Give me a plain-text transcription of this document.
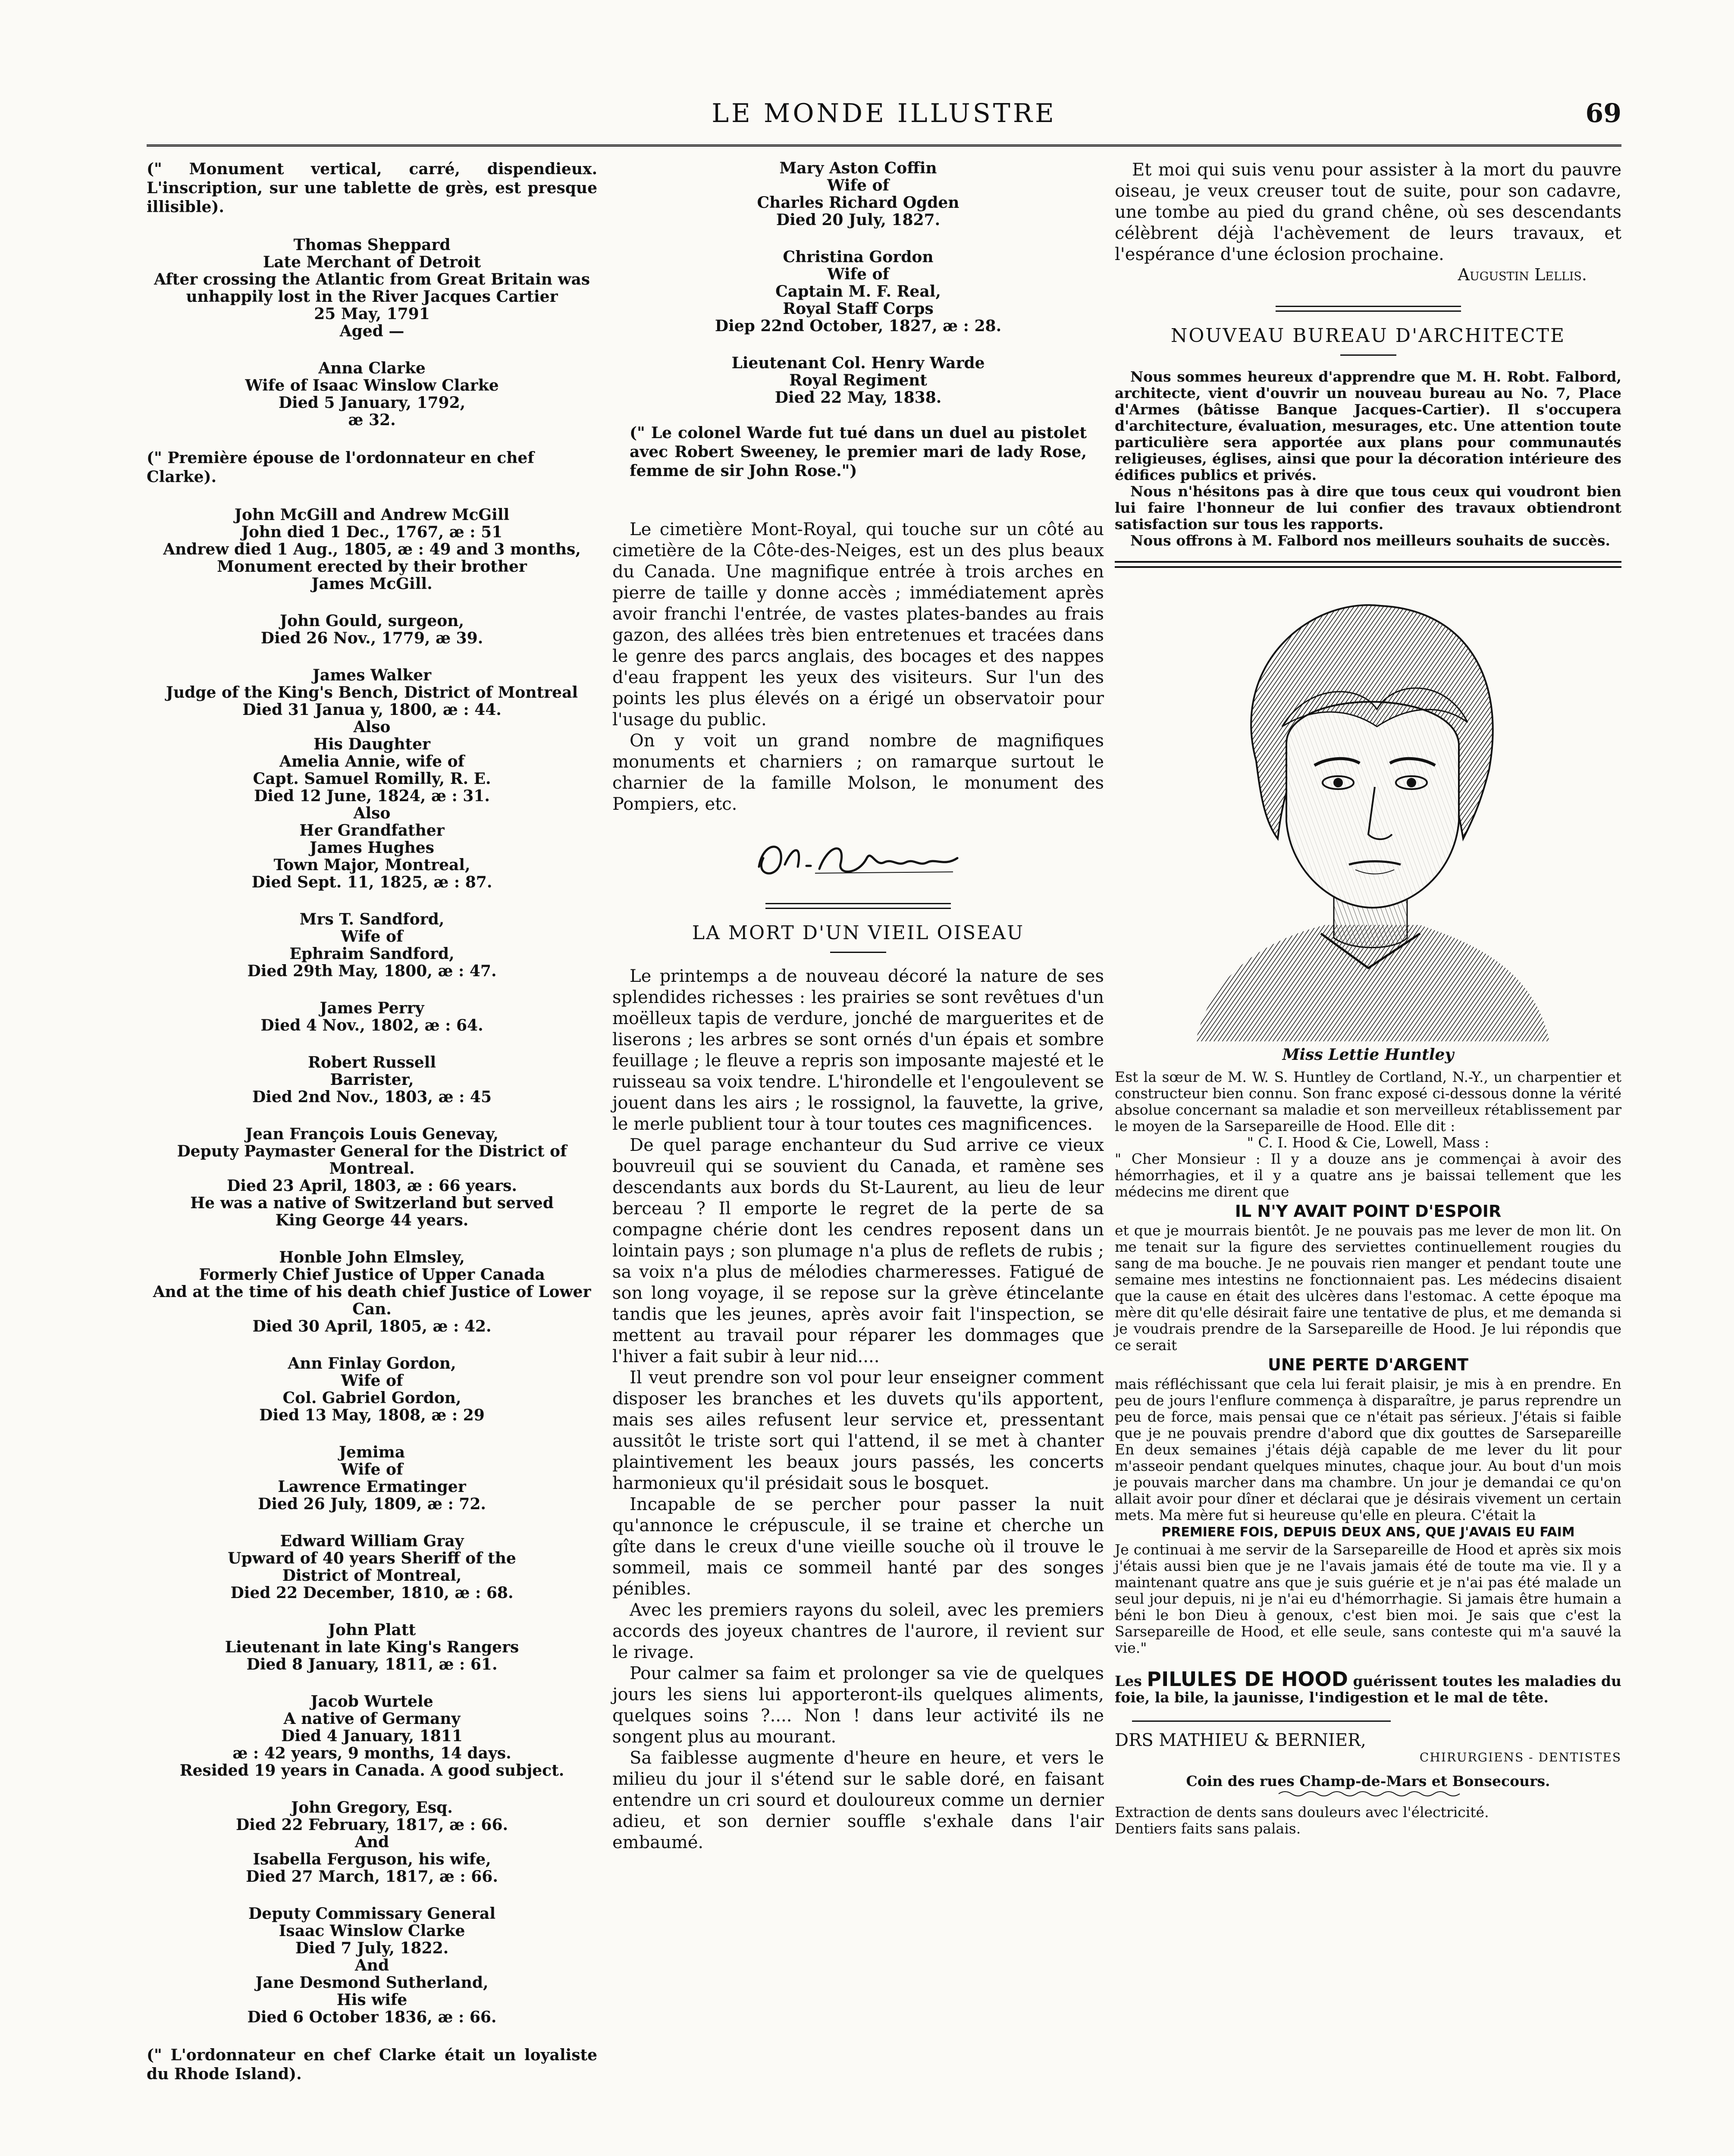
LE MONDE ILLUSTRE	69

(" Monument vertical, carré, dispendieux. L'inscription, sur une tablette de grès, est presque illisible).

Thomas Sheppard
Late Merchant of Detroit
After crossing the Atlantic from Great Britain was
unhappily lost in the River Jacques Cartier
25 May, 1791
Aged —
Anna Clarke
Wife of Isaac Winslow Clarke
Died 5 January, 1792,
æ 32.

(" Première épouse de l'ordonnateur en chef Clarke).

John McGill and Andrew McGill
John died 1 Dec., 1767, æ : 51
Andrew died 1 Aug., 1805, æ : 49 and 3 months,
Monument erected by their brother
James McGill.
John Gould, surgeon,
Died 26 Nov., 1779, æ 39.
James Walker
Judge of the King's Bench, District of Montreal
Died 31 Janua y, 1800, æ : 44.
Also
His Daughter
Amelia Annie, wife of
Capt. Samuel Romilly, R. E.
Died 12 June, 1824, æ : 31.
Also
Her Grandfather
James Hughes
Town Major, Montreal,
Died Sept. 11, 1825, æ : 87.
Mrs T. Sandford,
Wife of
Ephraim Sandford,
Died 29th May, 1800, æ : 47.
James Perry
Died 4 Nov., 1802, æ : 64.
Robert Russell
Barrister,
Died 2nd Nov., 1803, æ : 45
Jean François Louis Genevay,
Deputy Paymaster General for the District of Montreal.
Died 23 April, 1803, æ : 66 years.
He was a native of Switzerland but served
King George 44 years.
Honble John Elmsley,
Formerly Chief Justice of Upper Canada
And at the time of his death chief Justice of Lower Can.
Died 30 April, 1805, æ : 42.
Ann Finlay Gordon,
Wife of
Col. Gabriel Gordon,
Died 13 May, 1808, æ : 29
Jemima
Wife of
Lawrence Ermatinger
Died 26 July, 1809, æ : 72.
Edward William Gray
Upward of 40 years Sheriff of the
District of Montreal,
Died 22 December, 1810, æ : 68.
John Platt
Lieutenant in late King's Rangers
Died 8 January, 1811, æ : 61.
Jacob Wurtele
A native of Germany
Died 4 January, 1811
æ : 42 years, 9 months, 14 days.
Resided 19 years in Canada. A good subject.
John Gregory, Esq.
Died 22 February, 1817, æ : 66.
And
Isabella Ferguson, his wife,
Died 27 March, 1817, æ : 66.
Deputy Commissary General
Isaac Winslow Clarke
Died 7 July, 1822.
And
Jane Desmond Sutherland,
His wife
Died 6 October 1836, æ : 66.

(" L'ordonnateur en chef Clarke était un loyaliste du Rhode Island).

Mary Aston Coffin
Wife of
Charles Richard Ogden
Died 20 July, 1827.
Christina Gordon
Wife of
Captain M. F. Real,
Royal Staff Corps
Diep 22nd October, 1827, æ : 28.
Lieutenant Col. Henry Warde
Royal Regiment
Died 22 May, 1838.

(" Le colonel Warde fut tué dans un duel au pistolet avec Robert Sweeney, le premier mari de lady Rose, femme de sir John Rose.")

Le cimetière Mont-Royal, qui touche sur un côté au cimetière de la Côte-des-Neiges, est un des plus beaux du Canada. Une magnifique entrée à trois arches en pierre de taille y donne accès ; immédiatement après avoir franchi l'entrée, de vastes plates-bandes au frais gazon, des allées très bien entretenues et tracées dans le genre des parcs anglais, des bocages et des nappes d'eau frappent les yeux des visiteurs. Sur l'un des points les plus élevés on a érigé un observatoir pour l'usage du public.

On y voit un grand nombre de magnifiques monuments et charniers ; on ramarque surtout le charnier de la famille Molson, le monument des Pompiers, etc.

LA MORT D'UN VIEIL OISEAU

Le printemps a de nouveau décoré la nature de ses splendides richesses : les prairies se sont revêtues d'un moëlleux tapis de verdure, jonché de marguerites et de liserons ; les arbres se sont ornés d'un épais et sombre feuillage ; le fleuve a repris son imposante majesté et le ruisseau sa voix tendre. L'hirondelle et l'engoulevent se jouent dans les airs ; le rossignol, la fauvette, la grive, le merle publient tour à tour toutes ces magnificences.

De quel parage enchanteur du Sud arrive ce vieux bouvreuil qui se souvient du Canada, et ramène ses descendants aux bords du St-Laurent, au lieu de leur berceau ? Il emporte le regret de la perte de sa compagne chérie dont les cendres reposent dans un lointain pays ; son plumage n'a plus de reflets de rubis ; sa voix n'a plus de mélodies charmeresses. Fatigué de son long voyage, il se repose sur la grève étincelante tandis que les jeunes, après avoir fait l'inspection, se mettent au travail pour réparer les dommages que l'hiver a fait subir à leur nid....

Il veut prendre son vol pour leur enseigner comment disposer les branches et les duvets qu'ils apportent, mais ses ailes refusent leur service et, pressentant aussitôt le triste sort qui l'attend, il se met à chanter plaintivement les beaux jours passés, les concerts harmonieux qu'il présidait sous le bosquet.

Incapable de se percher pour passer la nuit qu'annonce le crépuscule, il se traine et cherche un gîte dans le creux d'une vieille souche où il trouve le sommeil, mais ce sommeil hanté par des songes pénibles.

Avec les premiers rayons du soleil, avec les premiers accords des joyeux chantres de l'aurore, il revient sur le rivage.

Pour calmer sa faim et prolonger sa vie de quelques jours les siens lui apporteront-ils quelques aliments, quelques soins ?.... Non ! dans leur activité ils ne songent plus au mourant.

Sa faiblesse augmente d'heure en heure, et vers le milieu du jour il s'étend sur le sable doré, en faisant entendre un cri sourd et douloureux comme un dernier adieu, et son dernier souffle s'exhale dans l'air embaumé.

Et moi qui suis venu pour assister à la mort du pauvre oiseau, je veux creuser tout de suite, pour son cadavre, une tombe au pied du grand chêne, où ses descendants célèbrent déjà l'achèvement de leurs travaux, et l'espérance d'une éclosion prochaine.

Augustin Lellis.

NOUVEAU BUREAU D'ARCHITECTE

Nous sommes heureux d'apprendre que M. H. Robt. Falbord, architecte, vient d'ouvrir un nouveau bureau au No. 7, Place d'Armes (bâtisse Banque Jacques-Cartier). Il s'occupera d'architecture, évaluation, mesurages, etc. Une attention toute particulière sera apportée aux plans pour communautés religieuses, églises, ainsi que pour la décoration intérieure des édifices publics et privés.

Nous n'hésitons pas à dire que tous ceux qui voudront bien lui faire l'honneur de lui confier des travaux obtiendront satisfaction sur tous les rapports.

Nous offrons à M. Falbord nos meilleurs souhaits de succès.

Miss Lettie Huntley

Est la sœur de M. W. S. Huntley de Cortland, N.-Y., un charpentier et constructeur bien connu. Son franc exposé ci-dessous donne la vérité absolue concernant sa maladie et son merveilleux rétablissement par le moyen de la Sarsepareille de Hood. Elle dit :

" C. I. Hood & Cie, Lowell, Mass :

" Cher Monsieur : Il y a douze ans je commençai à avoir des hémorrhagies, et il y a quatre ans je baissai tellement que les médecins me dirent que

IL N'Y AVAIT POINT D'ESPOIR

et que je mourrais bientôt. Je ne pouvais pas me lever de mon lit. On me tenait sur la figure des serviettes continuellement rougies du sang de ma bouche. Je ne pouvais rien manger et pendant toute une semaine mes intestins ne fonctionnaient pas. Les médecins disaient que la cause en était des ulcères dans l'estomac. A cette époque ma mère dit qu'elle désirait faire une tentative de plus, et me demanda si je voudrais prendre de la Sarsepareille de Hood. Je lui répondis que ce serait

UNE PERTE D'ARGENT

mais réfléchissant que cela lui ferait plaisir, je mis à en prendre. En peu de jours l'enflure commença à disparaître, je parus reprendre un peu de force, mais pensai que ce n'était pas sérieux. J'étais si faible que je ne pouvais prendre d'abord que dix gouttes de Sarsepareille En deux semaines j'étais déjà capable de me lever du lit pour m'asseoir pendant quelques minutes, chaque jour. Au bout d'un mois je pouvais marcher dans ma chambre. Un jour je demandai ce qu'on allait avoir pour dîner et déclarai que je désirais vivement un certain mets. Ma mère fut si heureuse qu'elle en pleura. C'était la

PREMIERE FOIS, DEPUIS DEUX ANS, QUE J'AVAIS EU FAIM

Je continuai à me servir de la Sarsepareille de Hood et après six mois j'étais aussi bien que je ne l'avais jamais été de toute ma vie. Il y a maintenant quatre ans que je suis guérie et je n'ai pas été malade un seul jour depuis, ni je n'ai eu d'hémorrhagie. Si jamais être humain a béni le bon Dieu à genoux, c'est bien moi. Je sais que c'est la Sarsepareille de Hood, et elle seule, sans conteste qui m'a sauvé la vie."

Les PILULES DE HOOD guérissent toutes les maladies du foie, la bile, la jaunisse, l'indigestion et le mal de tête.

DRS MATHIEU & BERNIER,

CHIRURGIENS - DENTISTES

Coin des rues Champ-de-Mars et Bonsecours.

Extraction de dents sans douleurs avec l'électricité.

Dentiers faits sans palais.
